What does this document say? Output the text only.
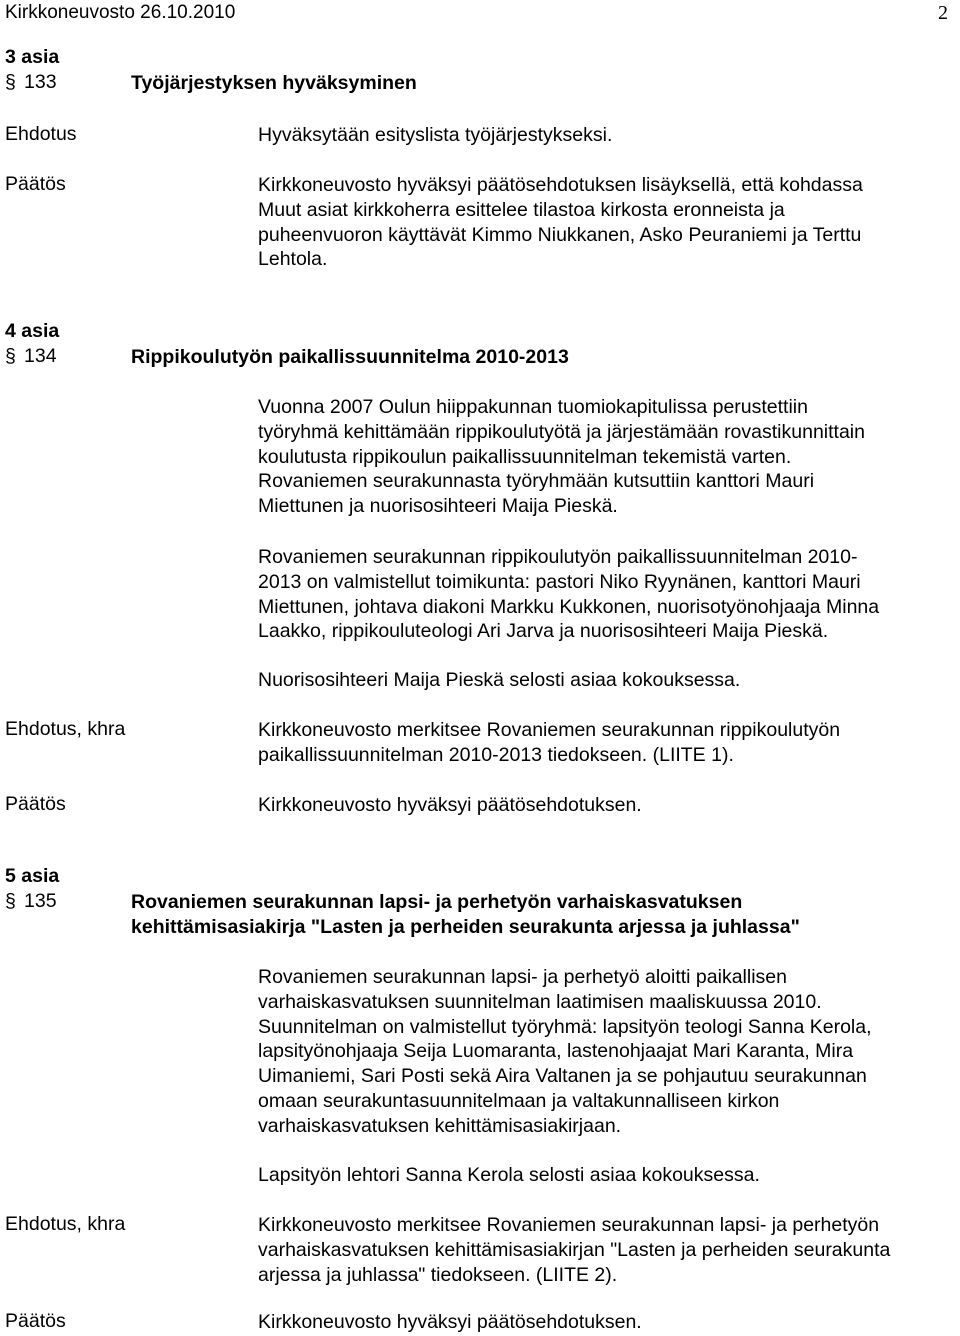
Kirkkoneuvosto 26.10.2010	2
3 asia
§ 133	Työjärjestyksen hyväksyminen
Ehdotus	Hyväksytään esityslista työjärjestykseksi.

Päätös	Kirkkoneuvosto hyväksyi päätösehdotuksen lisäyksellä, että kohdassa

Muut asiat kirkkoherra esittelee tilastoa kirkosta eronneista ja

puheenvuoron käyttävät Kimmo Niukkanen, Asko Peuraniemi ja Terttu

Lehtola.

4 asia
§ 134	Rippikoulutyön paikallissuunnitelma 2010-2013

Vuonna 2007 Oulun hiippakunnan tuomiokapitulissa perustettiin

työryhmä kehittämään rippikoulutyötä ja järjestämään rovastikunnittain

koulutusta rippikoulun paikallissuunnitelman tekemistä varten.

Rovaniemen seurakunnasta työryhmään kutsuttiin kanttori Mauri

Miettunen ja nuorisosihteeri Maija Pieskä.

Rovaniemen seurakunnan rippikoulutyön paikallissuunnitelman 2010-

2013 on valmistellut toimikunta: pastori Niko Ryynänen, kanttori Mauri

Miettunen, johtava diakoni Markku Kukkonen, nuorisotyönohjaaja Minna

Laakko, rippikouluteologi Ari Jarva ja nuorisosihteeri Maija Pieskä.

Nuorisosihteeri Maija Pieskä selosti asiaa kokouksessa.

Ehdotus, khra	Kirkkoneuvosto merkitsee Rovaniemen seurakunnan rippikoulutyön

paikallissuunnitelman 2010-2013 tiedokseen. (LIITE 1).

Päätös	Kirkkoneuvosto hyväksyi päätösehdotuksen.

5 asia
§ 135	Rovaniemen seurakunnan lapsi- ja perhetyön varhaiskasvatuksen
kehittämisasiakirja "Lasten ja perheiden seurakunta arjessa ja juhlassa"

Rovaniemen seurakunnan lapsi- ja perhetyö aloitti paikallisen

varhaiskasvatuksen suunnitelman laatimisen maaliskuussa 2010.

Suunnitelman on valmistellut työryhmä: lapsityön teologi Sanna Kerola,

lapsityönohjaaja Seija Luomaranta, lastenohjaajat Mari Karanta, Mira

Uimaniemi, Sari Posti sekä Aira Valtanen ja se pohjautuu seurakunnan

omaan seurakuntasuunnitelmaan ja valtakunnalliseen kirkon

varhaiskasvatuksen kehittämisasiakirjaan.

Lapsityön lehtori Sanna Kerola selosti asiaa kokouksessa.

Ehdotus, khra	Kirkkoneuvosto merkitsee Rovaniemen seurakunnan lapsi- ja perhetyön

varhaiskasvatuksen kehittämisasiakirjan "Lasten ja perheiden seurakunta

arjessa ja juhlassa" tiedokseen. (LIITE 2).

Päätös	Kirkkoneuvosto hyväksyi päätösehdotuksen.
